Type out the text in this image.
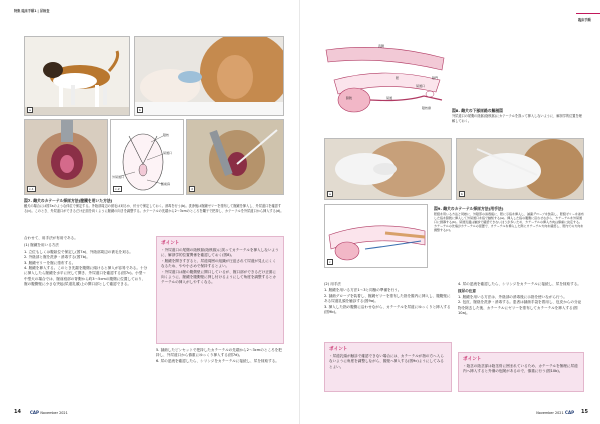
特集 臨床手順1 | 尿検査
a	b
c-1
陰核
尿道口
外尿道口
膣前庭
c-2	d
図7. 雌犬のカテーテル採尿方法(膣鏡を用いた方法)
雌犬の場合には図7aのような体位で保定する。外陰部周辺の被毛は刈るか、伏せで保定しておく。消毒を行う(b)。洗浄後は腟鏡ゼリーを塗布して腟鏡を挿入し、外尿道口を確認する(c)。このとき、外尿道口ができるだけ正面を向くように腟鏡の向きを調整する。カテーテルの先端から2〜3cmのところを鑷子で把持し、カテーテルを外尿道口から挿入する(d)。
合わせて、用手法が有用である。
(1) 腟鏡を用いる方法
1. 立位もしくは腹臥位で保定し(図7a)、外陰部周辺の被毛を刈る。
2. 外陰部と腟を洗浄・消毒する(図7b)。
3. 腟鏡ゼリーを腟に塗布する。
4. 腟鏡を挿入する。このとき先端を腹側に傾けると挿入が容易である。十分に挿入したら腟鏡を水平に戻して開き、外尿道口を確認する(図7c)。小型〜中型犬の場合では、腟前庭部の背側から約3〜5cmの腹側に位置しており、腟の腹側壁に小さな突起(尿道乳頭)上の開口部として確認できる。
ポイント
・外尿道口の尾側の陰核窩(陰核窩)に誤ってカテーテルを挿入しないように、解剖学的位置関係を確認しておく(図8)。
・腟鏡を開きすぎると、尿道周囲の組織が圧迫されて尿道が見えにくくなるため、やや小さめで保持するとよい。
・外尿道口は腟の腹側壁に開口しているが、腟口部ができるだけ正面に向くように、腟鏡を腹側壁に押し付けるようにして角度を調整するとカテーテルの挿入がしやすくなる。
5. 滅菌したピンセットで把持したカテーテルの先端から2〜3cmのところを把持し、外尿道口から慎重にゆっくり挿入する(図7d)。
6. 尿の逆流を確認したら、シリンジをカテーテルに接続し、尿を採取する。
14 CAP November 2021
臨床手順
直腸
膀胱	尿道
尿道口
陰門
腟
陰核窩	図8. 雌犬の下部尿路の解剖図
外尿道口の尾側の陰窩(陰核窩)にカテーテルを誤って挿入しないように、解剖学的位置を理解しておく。
a	b
c
図9. 雌犬のカテーテル採尿方法(用手法)
腟鏡を用いる方法と同様に、外陰部の消毒後に、腟に示指を挿入し、滅菌グローブを装着し、腟鏡ゼリーを塗布した指を膀胱に挿入して外尿道口を指で触知する(a)。挿入した指の腹側に沿わせながら、カテーテルを外尿道口に誘導する(b)。尿道乳頭は触診で確認できないほうが多いため、カテーテルの挿入方向は慎重に決定する。カテーテルの先端がカテーテルの留置で、カテーテルを挿入した際にカテーテル方向を確認し、腟内での方向を調整する(c)。
(2) 用手法
1. 腟鏡を用いる方法1〜3と同様の準備を行う。
2. 滅菌グローブを装着し、腟鏡ゼリーを塗布した指を膣内に挿入し、腹腹壁にある尿道乳頭を触診する(図9a)。
3. 挿入した指の腹側に沿わせながら、カテーテルを尿道にゆっくりと挿入する(図9b)。
ポイント
・尿道乳頭が触診で確認できない場合には、カテーテルが指の方へ入らないように角度を調整しながら、膣壁へ挿入する(図9c)ようにしてみるとよい。
4. 尿の逆流を確認したら、シリンジをカテーテルに接続し、尿を採取する。
採尿の注意
1. 腟鏡を用いる方法は、外陰部の消毒後に示指を使いながら行う。
2. 包皮、腟陰を洗浄・消毒する。患者は滅菌手袋を着用し、包皮からの分泌物を除去した後、カテーテルにゼリーを塗布してカテーテルを挿入する(図10a)。
ポイント
・陰茎の陰茎部は陰茎骨に囲まれているため、カテーテルを無理に尿道内へ挿入すると外傷の危険があるので、慎重に行う(図10b)。
November 2021 CAP 15
